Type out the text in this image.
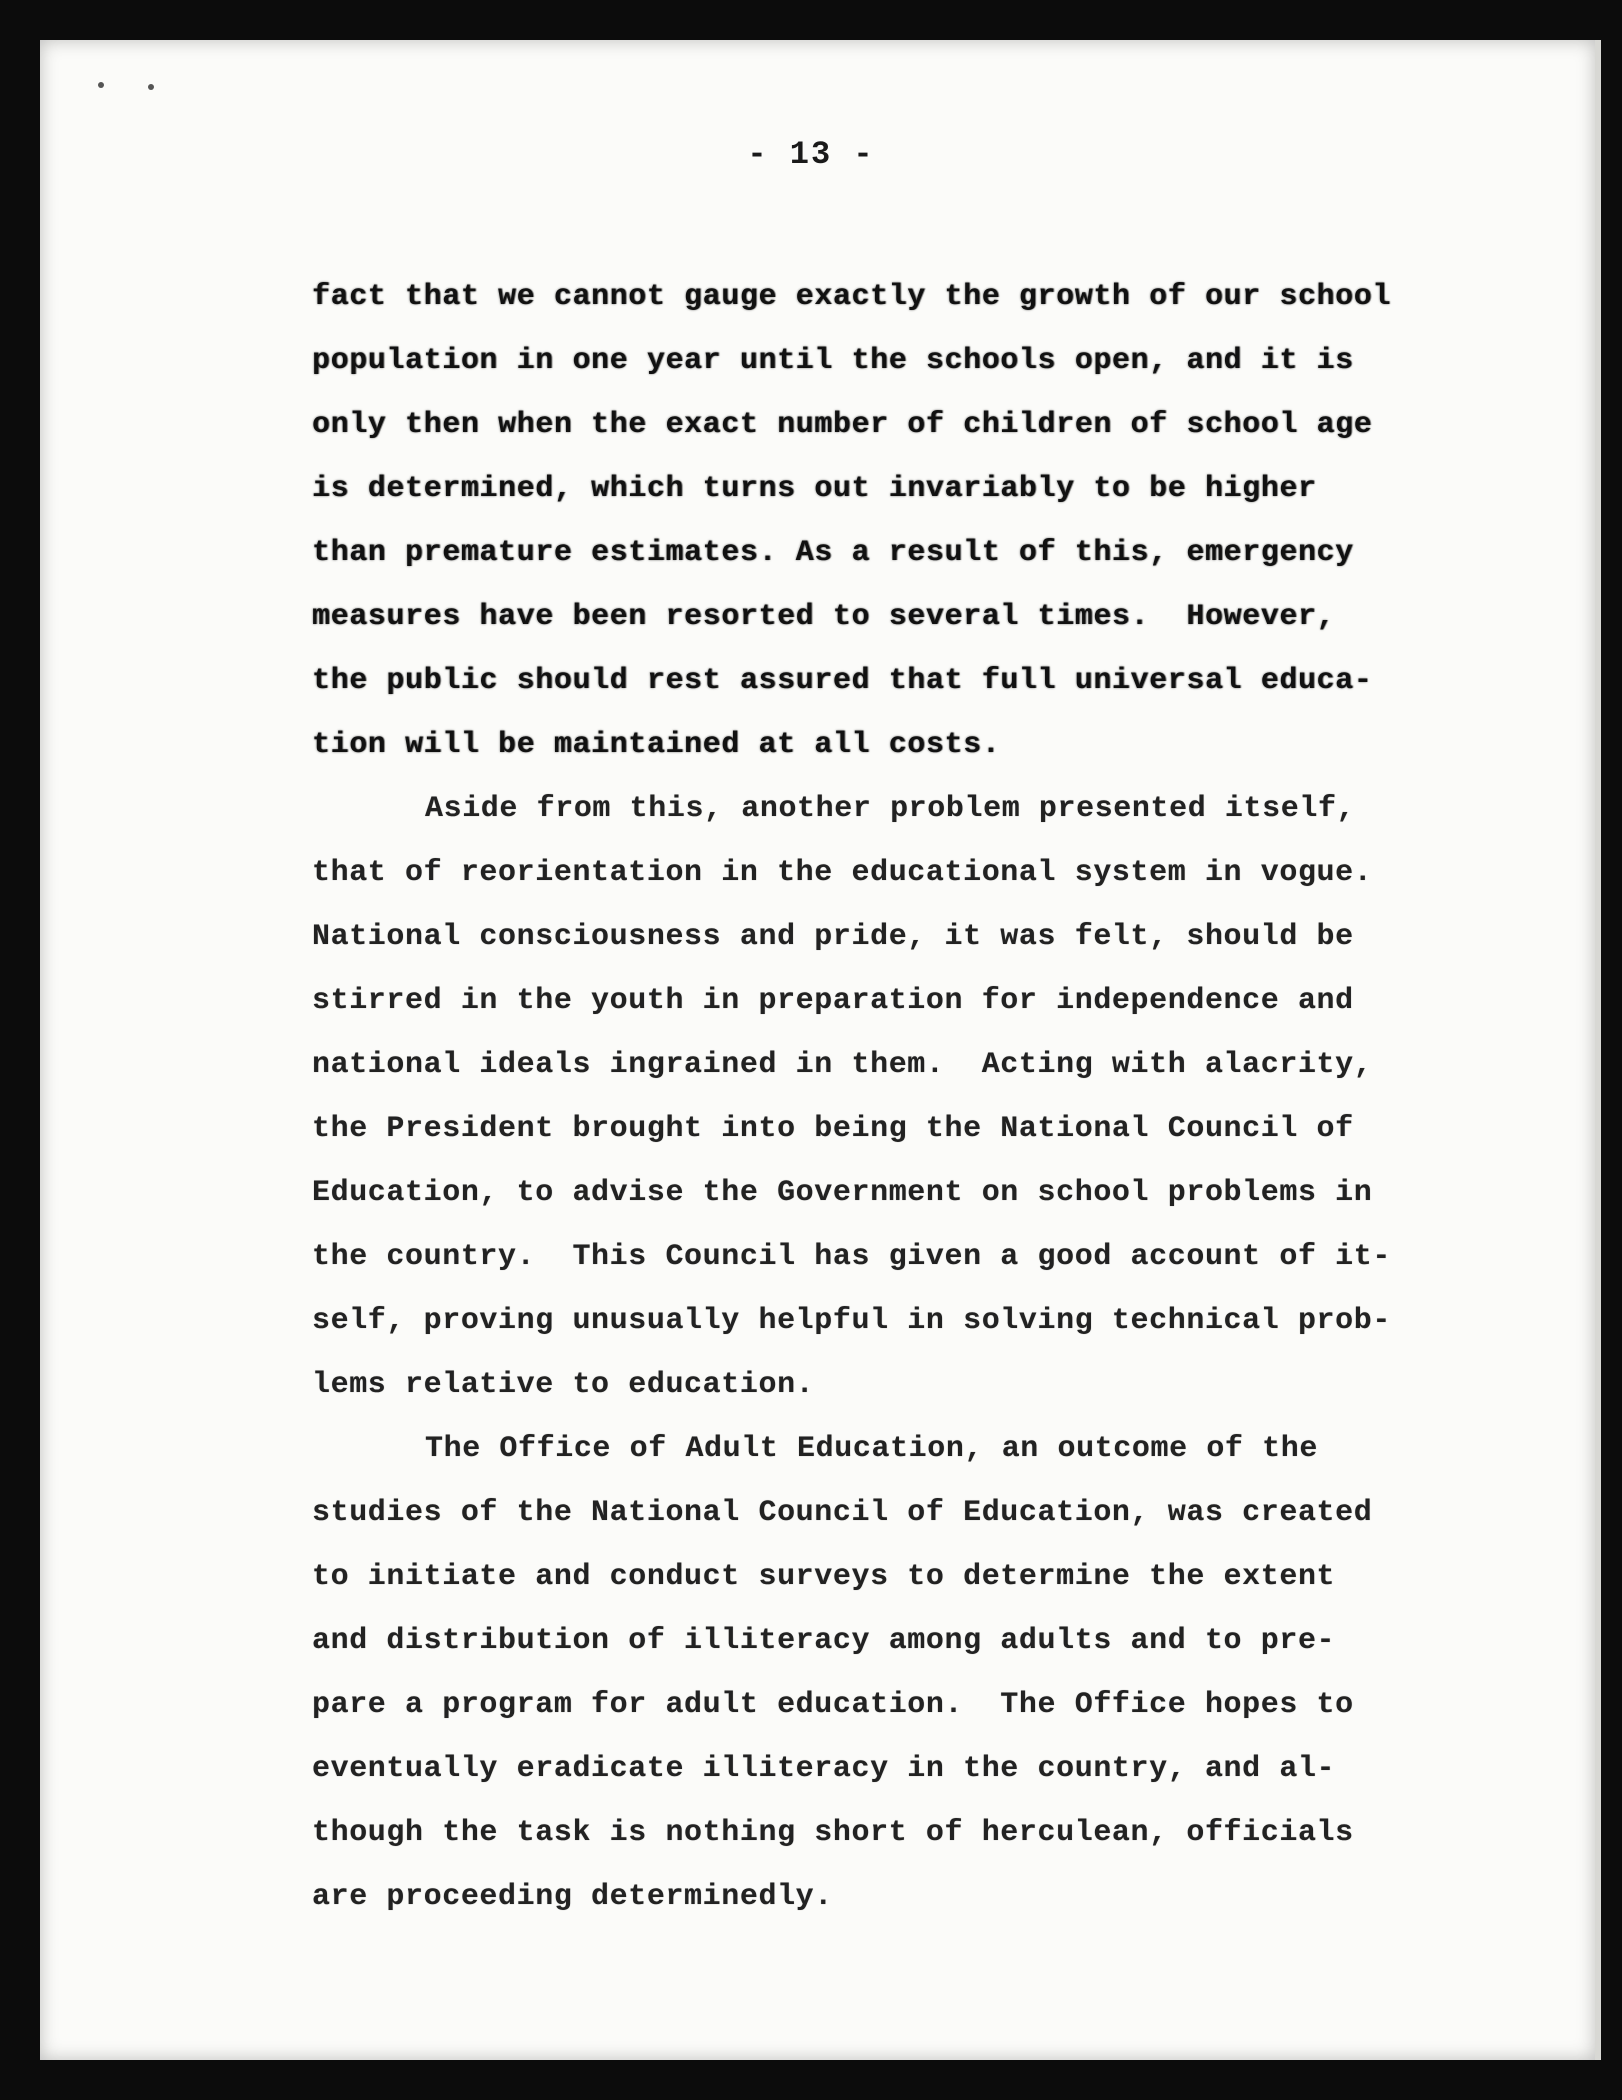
- 13 -
fact that we cannot gauge exactly the growth of our school
population in one year until the schools open, and it is
only then when the exact number of children of school age
is determined, which turns out invariably to be higher
than premature estimates. As a result of this, emergency
measures have been resorted to several times.  However,
the public should rest assured that full universal educa-
tion will be maintained at all costs.
Aside from this, another problem presented itself,
that of reorientation in the educational system in vogue.
National consciousness and pride, it was felt, should be
stirred in the youth in preparation for independence and
national ideals ingrained in them.  Acting with alacrity,
the President brought into being the National Council of
Education, to advise the Government on school problems in
the country.  This Council has given a good account of it-
self, proving unusually helpful in solving technical prob-
lems relative to education.
The Office of Adult Education, an outcome of the
studies of the National Council of Education, was created
to initiate and conduct surveys to determine the extent
and distribution of illiteracy among adults and to pre-
pare a program for adult education.  The Office hopes to
eventually eradicate illiteracy in the country, and al-
though the task is nothing short of herculean, officials
are proceeding determinedly.
